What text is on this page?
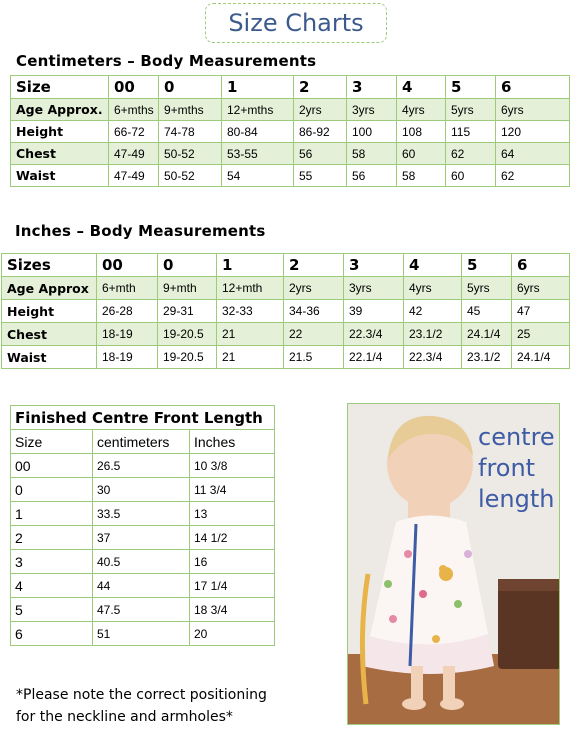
Size Charts
Centimeters – Body Measurements
Size	00	0	1	2	3	4	5	6
Age Approx.	6+mths	9+mths	12+mths	2yrs	3yrs	4yrs	5yrs	6yrs
Height	66-72	74-78	80-84	86-92	100	108	115	120
Chest	47-49	50-52	53-55	56	58	60	62	64
Waist	47-49	50-52	54	55	56	58	60	62
Inches – Body Measurements
Sizes	00	0	1	2	3	4	5	6
Age Approx	6+mth	9+mth	12+mth	2yrs	3yrs	4yrs	5yrs	6yrs
Height	26-28	29-31	32-33	34-36	39	42	45	47
Chest	18-19	19-20.5	21	22	22.3/4	23.1/2	24.1/4	25
Waist	18-19	19-20.5	21	21.5	22.1/4	22.3/4	23.1/2	24.1/4
Finished Centre Front Length		
Size	centimeters	Inches
00	26.5	10 3/8
0	30	11 3/4
1	33.5	13
2	37	14 1/2
3	40.5	16
4	44	17 1/4
5	47.5	18 3/4
6	51	20
*Please note the correct positioning
for the neckline and armholes*
centre
front
length
